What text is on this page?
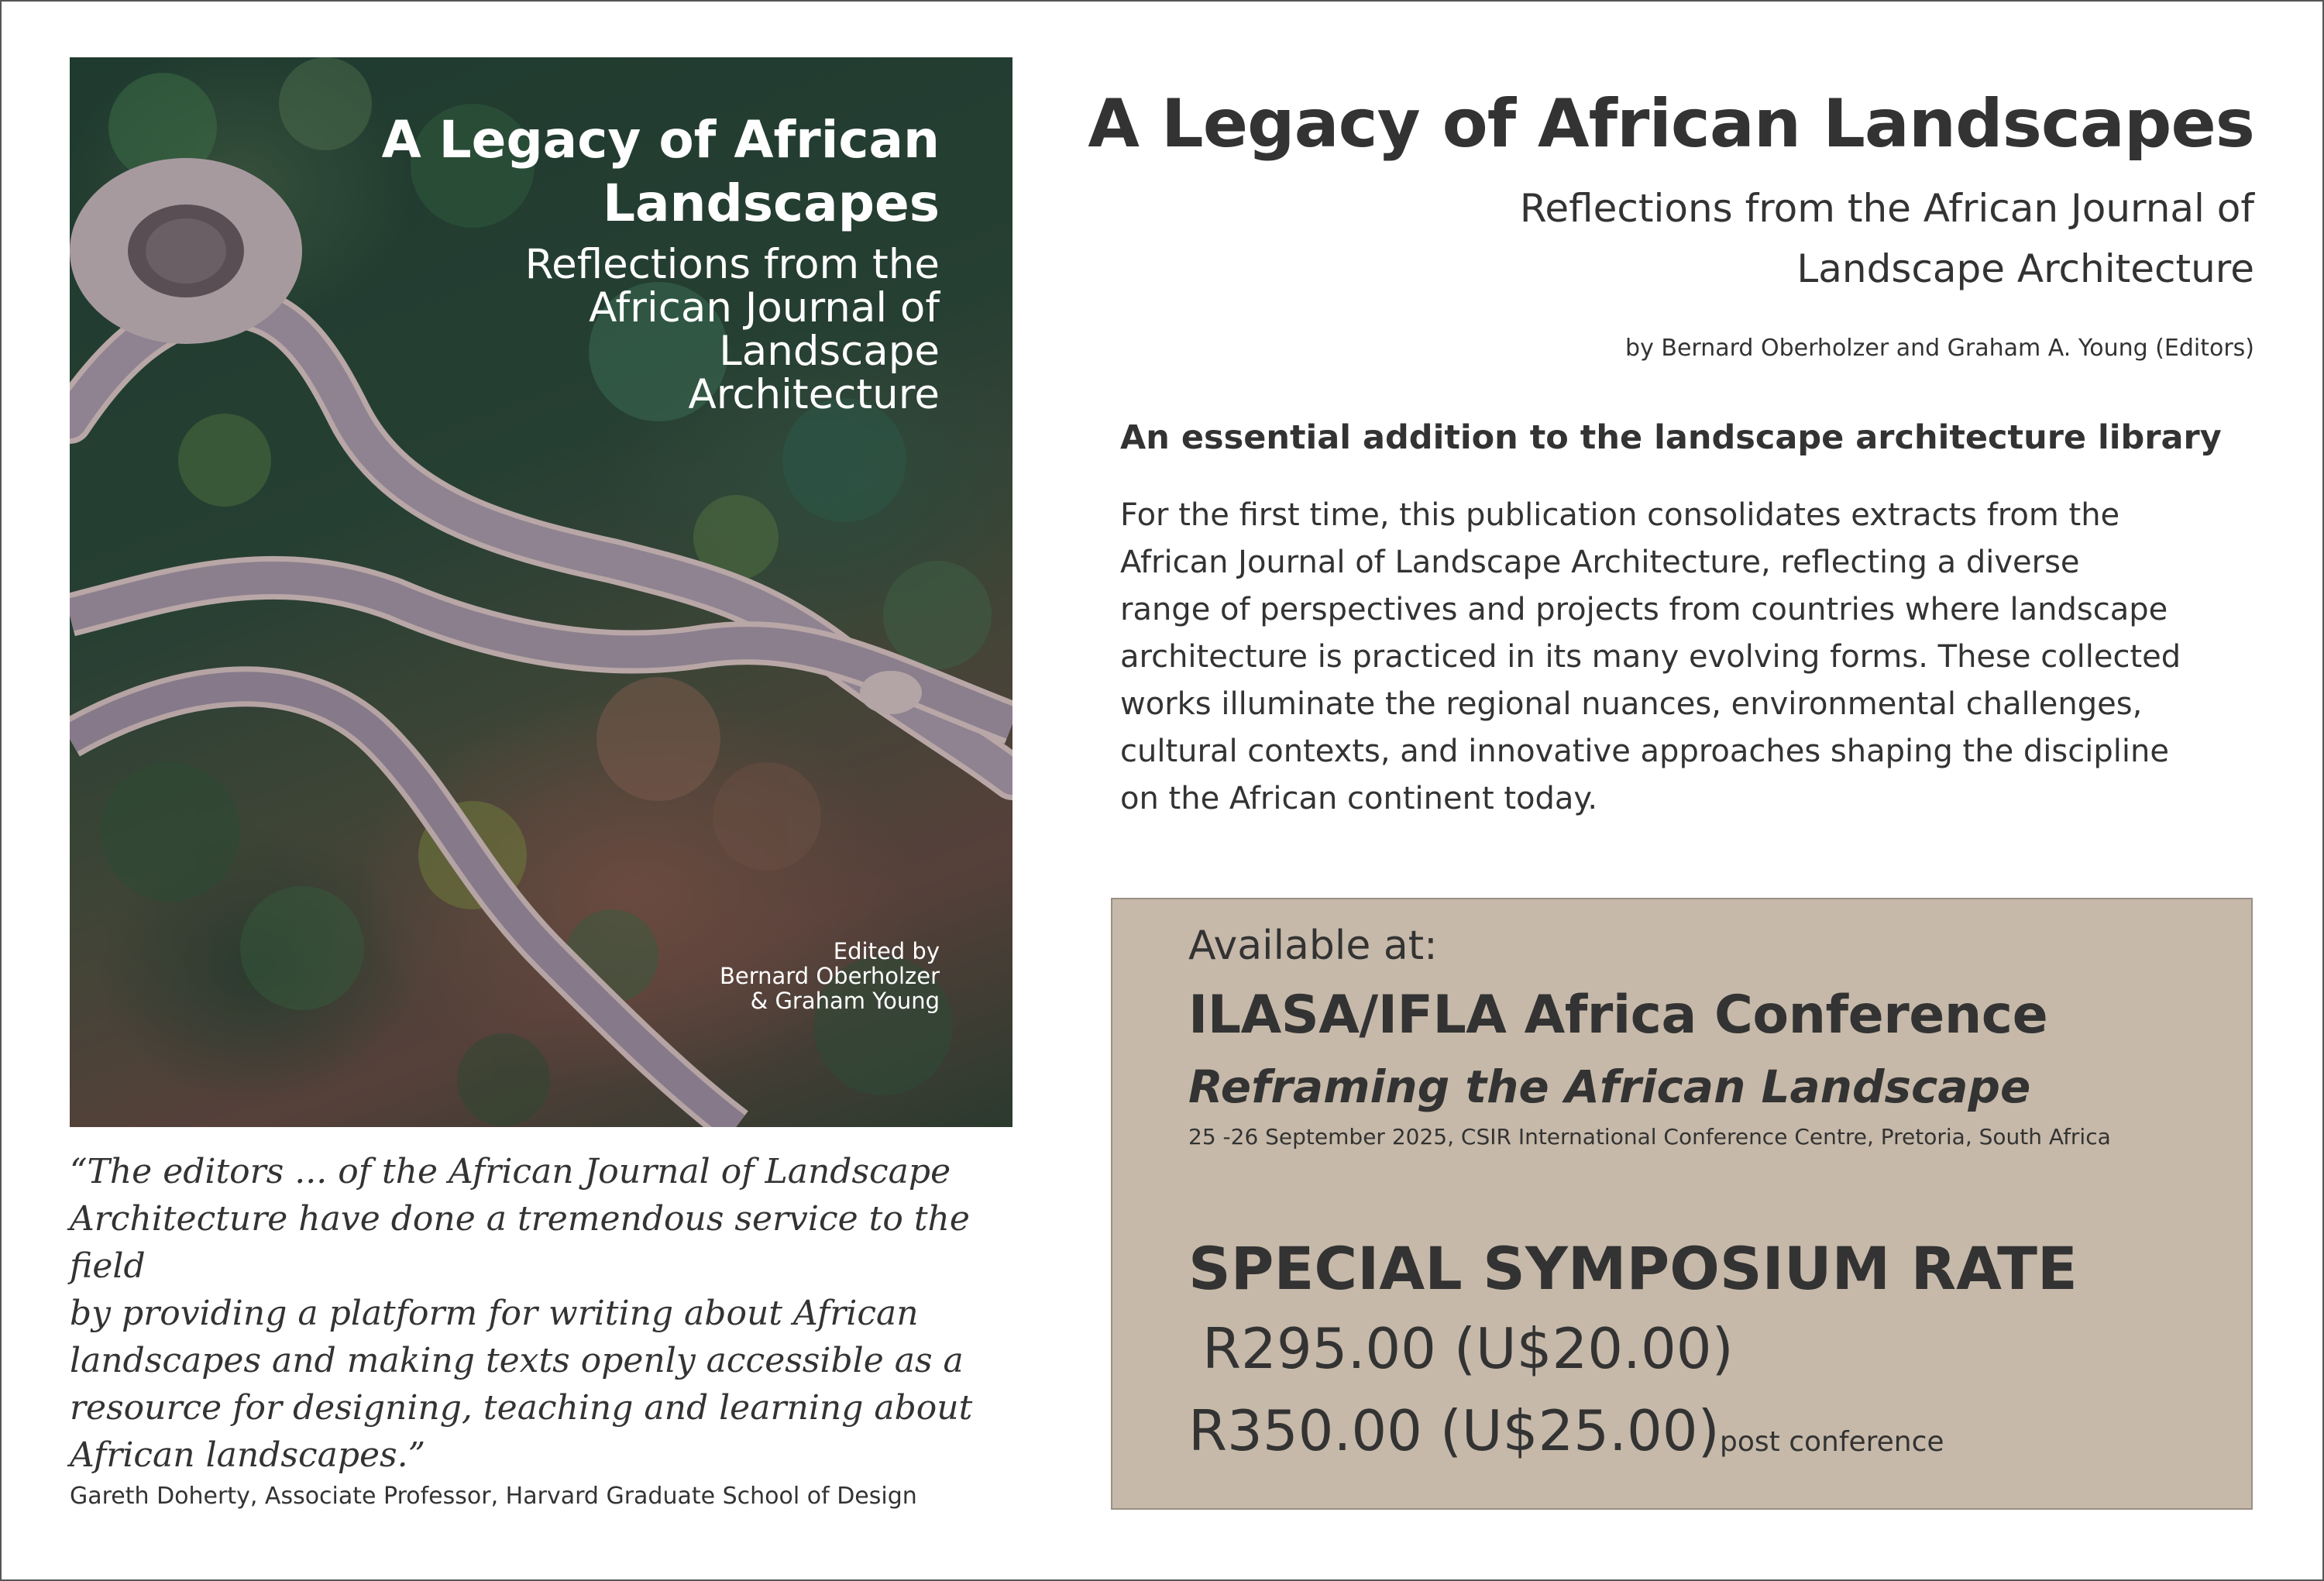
A Legacy of African
Landscapes
Reflections from the
African Journal of
Landscape
Architecture
Edited by
Bernard Oberholzer
& Graham Young
“The editors ... of the African Journal of Landscape
Architecture have done a tremendous service to the field
by providing a platform for writing about African
landscapes and making texts openly accessible as a
resource for designing, teaching and learning about
African landscapes.”
Gareth Doherty, Associate Professor, Harvard Graduate School of Design
A Legacy of African Landscapes
Reflections from the African Journal of
Landscape Architecture
by Bernard Oberholzer and Graham A. Young (Editors)
An essential addition to the landscape architecture library
For the first time, this publication consolidates extracts from the
African Journal of Landscape Architecture, reflecting a diverse
range of perspectives and projects from countries where landscape
architecture is practiced in its many evolving forms. These collected
works illuminate the regional nuances, environmental challenges,
cultural contexts, and innovative approaches shaping the discipline
on the African continent today.
Available at:
ILASA/IFLA Africa Conference
Reframing the African Landscape
25 -26 September 2025, CSIR International Conference Centre, Pretoria, South Africa
SPECIAL SYMPOSIUM RATE
R295.00 (U$20.00)
R350.00 (U$25.00) post conference
